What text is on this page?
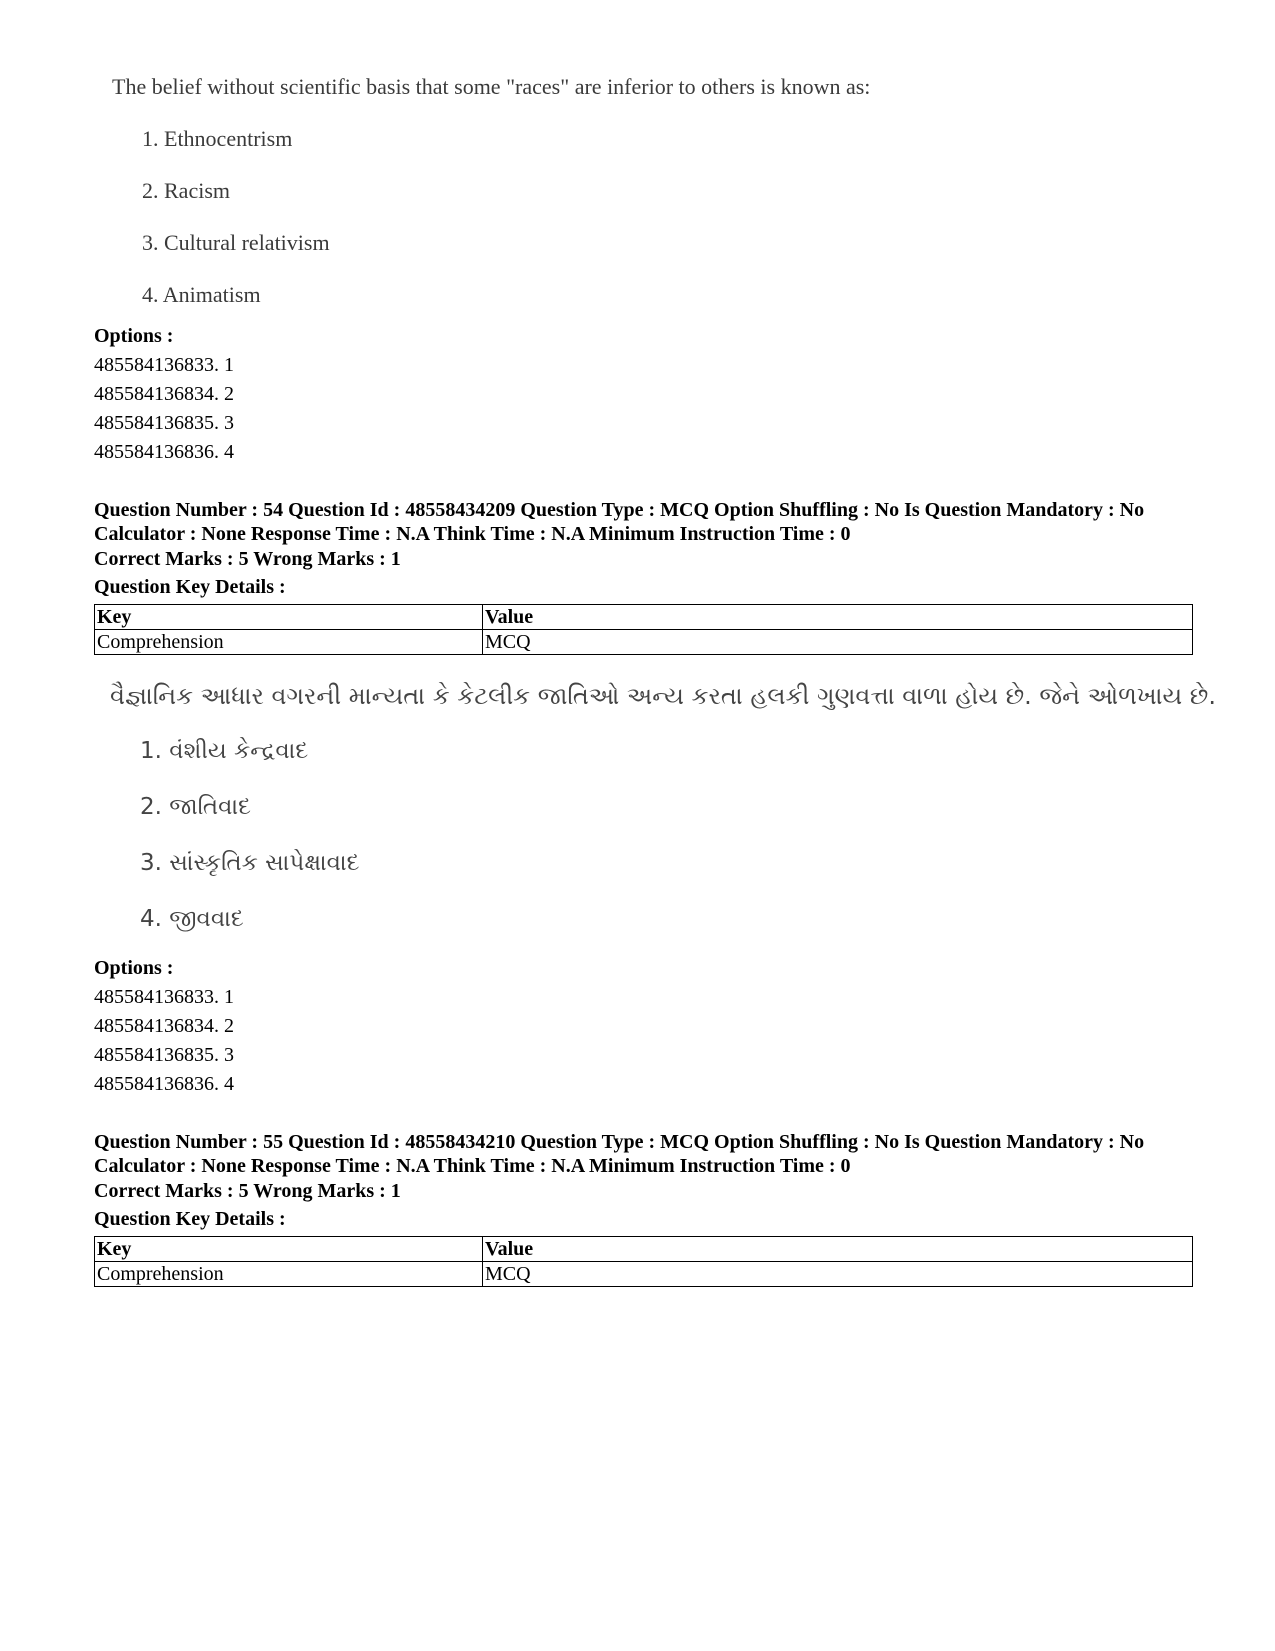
The belief without scientific basis that some "races" are inferior to others is known as:

1. Ethnocentrism
2. Racism
3. Cultural relativism
4. Animatism
Options :
485584136833. 1
485584136834. 2
485584136835. 3
485584136836. 4
Question Number : 54 Question Id : 48558434209 Question Type : MCQ Option Shuffling : No Is Question Mandatory : No Calculator : None Response Time : N.A Think Time : N.A Minimum Instruction Time : 0
Correct Marks : 5 Wrong Marks : 1
Question Key Details :
Key	Value
Comprehension	MCQ

વૈજ્ઞાનિક આધાર વગરની માન્યતા કે કેટલીક જાતિઓ અન્ય કરતા હલકી ગુણવત્તા વાળા હોય છે. જેને ઓળખાય છે.

1. વંશીય કેન્દ્રવાદ
2. જાતિવાદ
3. સાંસ્કૃતિક સાપેક્ષાવાદ
4. જીવવાદ
Options :
485584136833. 1
485584136834. 2
485584136835. 3
485584136836. 4
Question Number : 55 Question Id : 48558434210 Question Type : MCQ Option Shuffling : No Is Question Mandatory : No Calculator : None Response Time : N.A Think Time : N.A Minimum Instruction Time : 0
Correct Marks : 5 Wrong Marks : 1
Question Key Details :
Key	Value
Comprehension	MCQ
